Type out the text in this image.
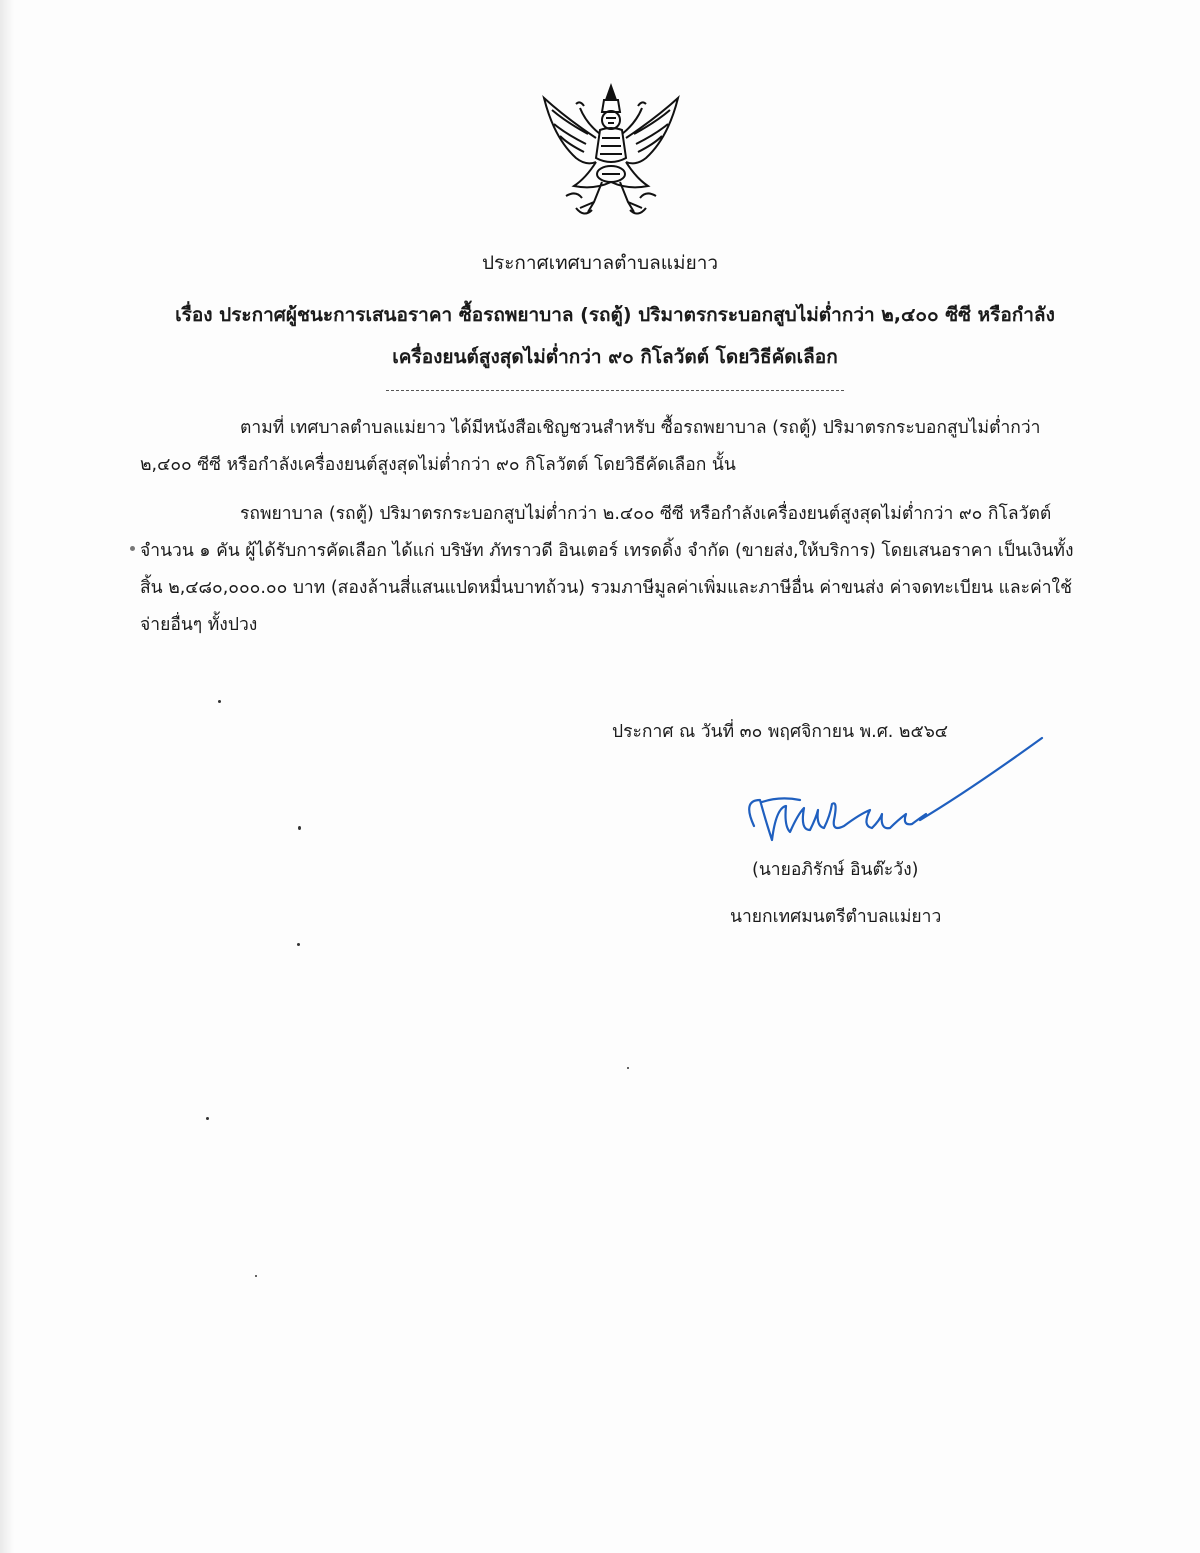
ประกาศเทศบาลตำบลแม่ยาว
เรื่อง ประกาศผู้ชนะการเสนอราคา ซื้อรถพยาบาล (รถตู้) ปริมาตรกระบอกสูบไม่ต่ำกว่า ๒,๔๐๐ ซีซี หรือกำลัง
เครื่องยนต์สูงสุดไม่ต่ำกว่า ๙๐ กิโลวัตต์ โดยวิธีคัดเลือก
ตามที่ เทศบาลตำบลแม่ยาว ได้มีหนังสือเชิญชวนสำหรับ ซื้อรถพยาบาล (รถตู้) ปริมาตรกระบอกสูบไม่ต่ำกว่า ๒,๔๐๐ ซีซี หรือกำลังเครื่องยนต์สูงสุดไม่ต่ำกว่า ๙๐ กิโลวัตต์ โดยวิธีคัดเลือก นั้น
รถพยาบาล (รถตู้) ปริมาตรกระบอกสูบไม่ต่ำกว่า ๒.๔๐๐ ซีซี หรือกำลังเครื่องยนต์สูงสุดไม่ต่ำกว่า ๙๐ กิโลวัตต์ จำนวน ๑ คัน ผู้ได้รับการคัดเลือก ได้แก่ บริษัท ภัทราวดี อินเตอร์ เทรดดิ้ง จำกัด (ขายส่ง,ให้บริการ) โดยเสนอราคา เป็นเงินทั้งสิ้น ๒,๔๘๐,๐๐๐.๐๐ บาท (สองล้านสี่แสนแปดหมื่นบาทถ้วน) รวมภาษีมูลค่าเพิ่มและภาษีอื่น ค่าขนส่ง ค่าจดทะเบียน และค่าใช้จ่ายอื่นๆ ทั้งปวง
ประกาศ ณ วันที่ ๓๐ พฤศจิกายน พ.ศ. ๒๕๖๔
(นายอภิรักษ์ อินต๊ะวัง)
นายกเทศมนตรีตำบลแม่ยาว
